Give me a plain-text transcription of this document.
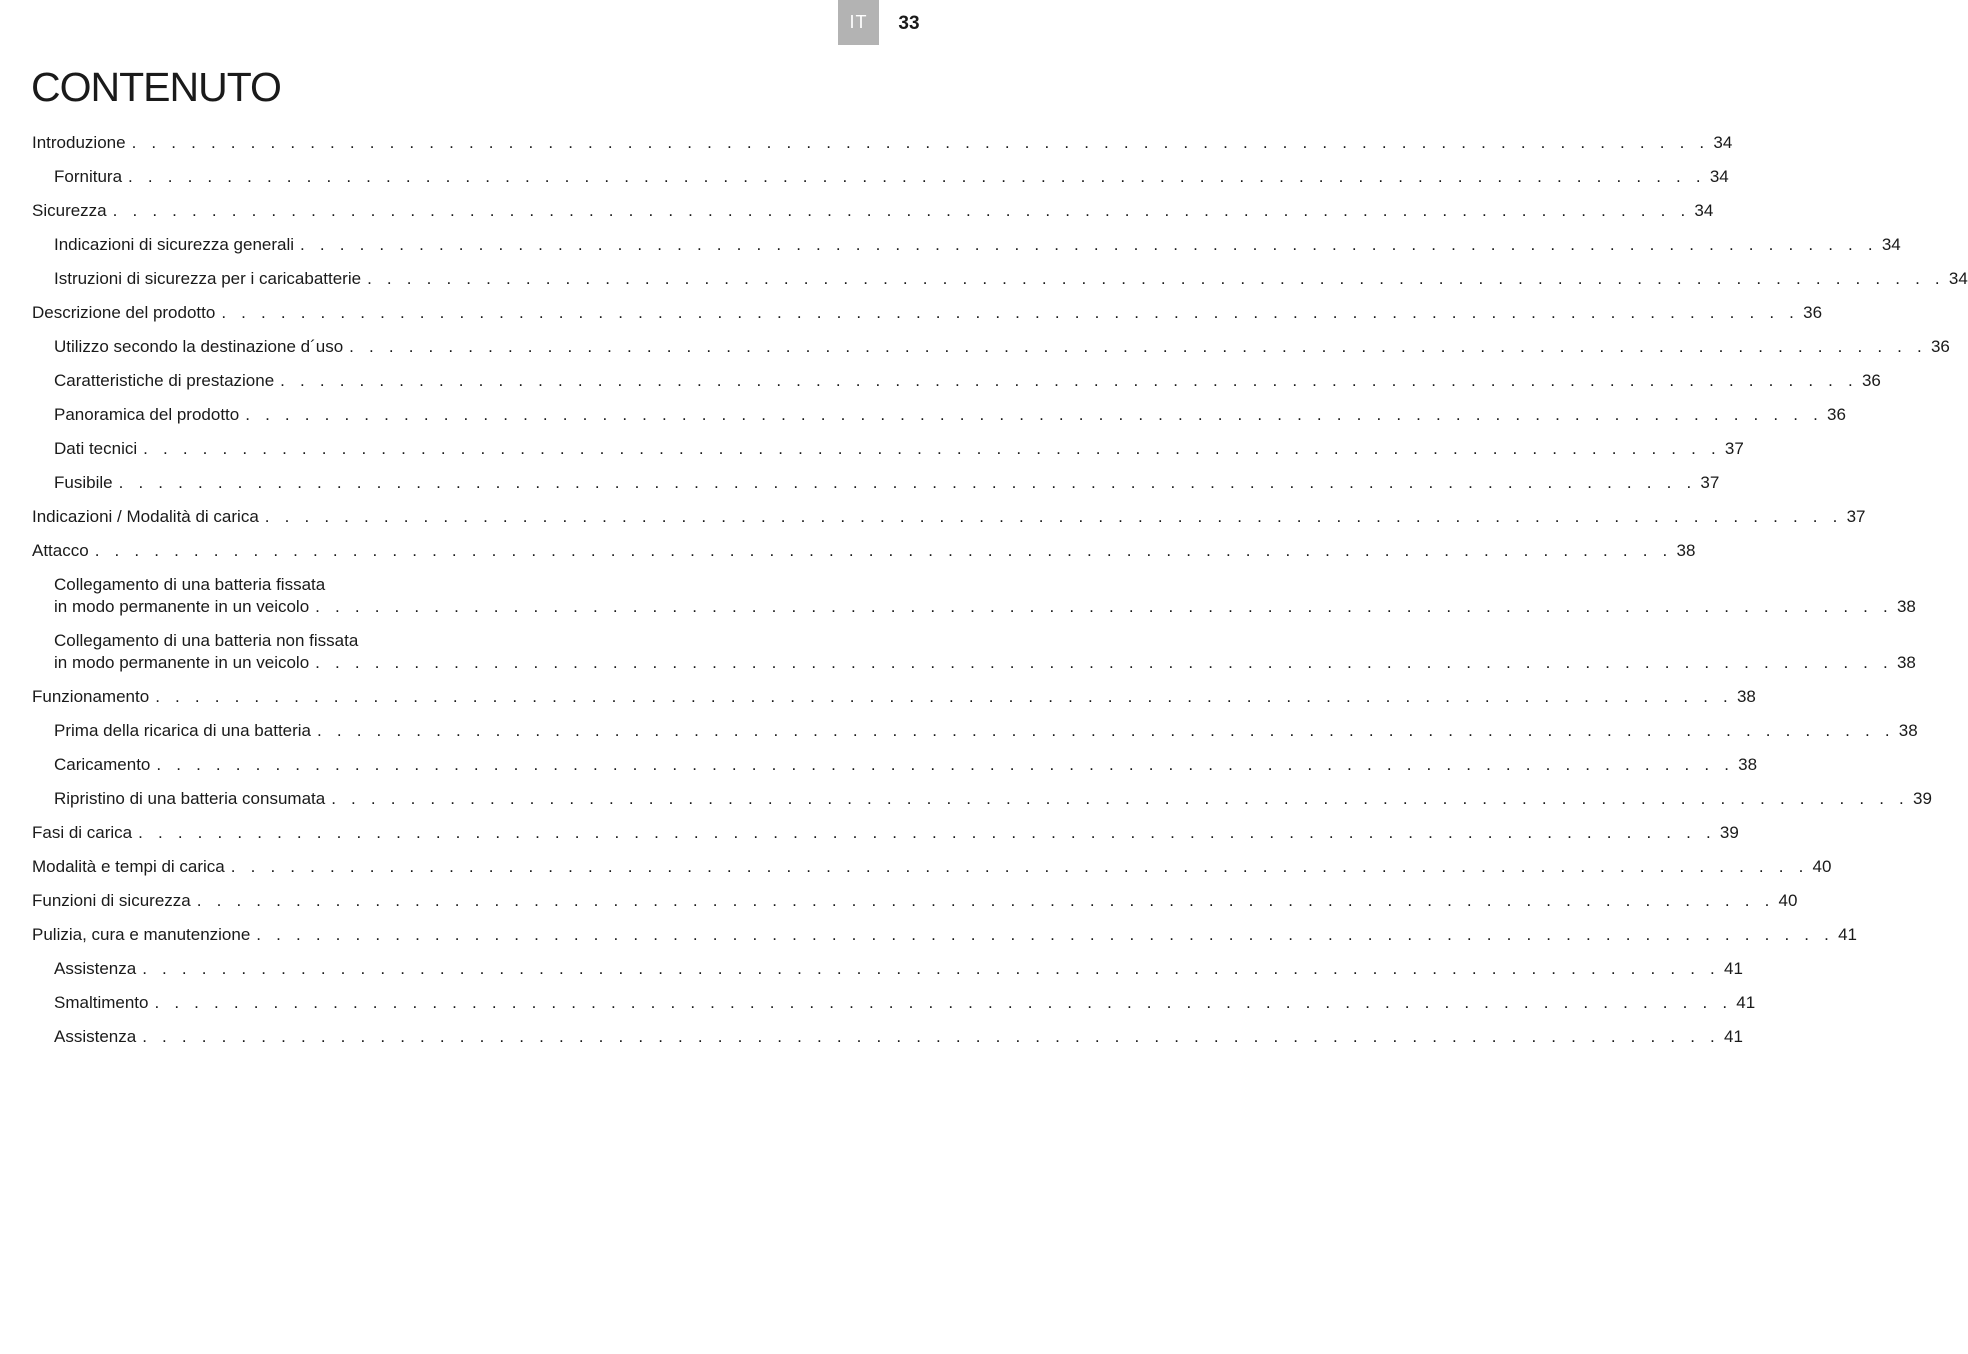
IT	33
CONTENUTO
Introduzione . . . . . . . . . . . . . . . . . . . . . . . . . . . . . . . . . . . . . . . . . . . . . . . . . . . . . . . . . . . . . . . . . . . . . . . . . . . . . . . . 34
Fornitura . . . . . . . . . . . . . . . . . . . . . . . . . . . . . . . . . . . . . . . . . . . . . . . . . . . . . . . . . . . . . . . . . . . . . . . . . . . . . . . . 34
Sicurezza . . . . . . . . . . . . . . . . . . . . . . . . . . . . . . . . . . . . . . . . . . . . . . . . . . . . . . . . . . . . . . . . . . . . . . . . . . . . . . . . 34
Indicazioni di sicurezza generali . . . . . . . . . . . . . . . . . . . . . . . . . . . . . . . . . . . . . . . . . . . . . . . . . . . . . . . . . . . . . . . . . . . . . . . . . . . . . . . . 34
Istruzioni di sicurezza per i caricabatterie . . . . . . . . . . . . . . . . . . . . . . . . . . . . . . . . . . . . . . . . . . . . . . . . . . . . . . . . . . . . . . . . . . . . . . . . . . . . . . . . 34
Descrizione del prodotto . . . . . . . . . . . . . . . . . . . . . . . . . . . . . . . . . . . . . . . . . . . . . . . . . . . . . . . . . . . . . . . . . . . . . . . . . . . . . . . . 36
Utilizzo secondo la destinazione d´uso . . . . . . . . . . . . . . . . . . . . . . . . . . . . . . . . . . . . . . . . . . . . . . . . . . . . . . . . . . . . . . . . . . . . . . . . . . . . . . . . 36
Caratteristiche di prestazione . . . . . . . . . . . . . . . . . . . . . . . . . . . . . . . . . . . . . . . . . . . . . . . . . . . . . . . . . . . . . . . . . . . . . . . . . . . . . . . . 36
Panoramica del prodotto . . . . . . . . . . . . . . . . . . . . . . . . . . . . . . . . . . . . . . . . . . . . . . . . . . . . . . . . . . . . . . . . . . . . . . . . . . . . . . . . 36
Dati tecnici . . . . . . . . . . . . . . . . . . . . . . . . . . . . . . . . . . . . . . . . . . . . . . . . . . . . . . . . . . . . . . . . . . . . . . . . . . . . . . . . 37
Fusibile . . . . . . . . . . . . . . . . . . . . . . . . . . . . . . . . . . . . . . . . . . . . . . . . . . . . . . . . . . . . . . . . . . . . . . . . . . . . . . . . 37
Indicazioni / Modalità di carica . . . . . . . . . . . . . . . . . . . . . . . . . . . . . . . . . . . . . . . . . . . . . . . . . . . . . . . . . . . . . . . . . . . . . . . . . . . . . . . . 37
Attacco . . . . . . . . . . . . . . . . . . . . . . . . . . . . . . . . . . . . . . . . . . . . . . . . . . . . . . . . . . . . . . . . . . . . . . . . . . . . . . . . 38
Collegamento di una batteria fissata
in modo permanente in un veicolo . . . . . . . . . . . . . . . . . . . . . . . . . . . . . . . . . . . . . . . . . . . . . . . . . . . . . . . . . . . . . . . . . . . . . . . . . . . . . . . . 38
Collegamento di una batteria non fissata
in modo permanente in un veicolo . . . . . . . . . . . . . . . . . . . . . . . . . . . . . . . . . . . . . . . . . . . . . . . . . . . . . . . . . . . . . . . . . . . . . . . . . . . . . . . . 38
Funzionamento . . . . . . . . . . . . . . . . . . . . . . . . . . . . . . . . . . . . . . . . . . . . . . . . . . . . . . . . . . . . . . . . . . . . . . . . . . . . . . . . 38
Prima della ricarica di una batteria . . . . . . . . . . . . . . . . . . . . . . . . . . . . . . . . . . . . . . . . . . . . . . . . . . . . . . . . . . . . . . . . . . . . . . . . . . . . . . . . 38
Caricamento . . . . . . . . . . . . . . . . . . . . . . . . . . . . . . . . . . . . . . . . . . . . . . . . . . . . . . . . . . . . . . . . . . . . . . . . . . . . . . . . 38
Ripristino di una batteria consumata . . . . . . . . . . . . . . . . . . . . . . . . . . . . . . . . . . . . . . . . . . . . . . . . . . . . . . . . . . . . . . . . . . . . . . . . . . . . . . . . 39
Fasi di carica . . . . . . . . . . . . . . . . . . . . . . . . . . . . . . . . . . . . . . . . . . . . . . . . . . . . . . . . . . . . . . . . . . . . . . . . . . . . . . . . 39
Modalità e tempi di carica . . . . . . . . . . . . . . . . . . . . . . . . . . . . . . . . . . . . . . . . . . . . . . . . . . . . . . . . . . . . . . . . . . . . . . . . . . . . . . . . 40
Funzioni di sicurezza . . . . . . . . . . . . . . . . . . . . . . . . . . . . . . . . . . . . . . . . . . . . . . . . . . . . . . . . . . . . . . . . . . . . . . . . . . . . . . . . 40
Pulizia, cura e manutenzione . . . . . . . . . . . . . . . . . . . . . . . . . . . . . . . . . . . . . . . . . . . . . . . . . . . . . . . . . . . . . . . . . . . . . . . . . . . . . . . . 41
Assistenza . . . . . . . . . . . . . . . . . . . . . . . . . . . . . . . . . . . . . . . . . . . . . . . . . . . . . . . . . . . . . . . . . . . . . . . . . . . . . . . . 41
Smaltimento . . . . . . . . . . . . . . . . . . . . . . . . . . . . . . . . . . . . . . . . . . . . . . . . . . . . . . . . . . . . . . . . . . . . . . . . . . . . . . . . 41
Assistenza . . . . . . . . . . . . . . . . . . . . . . . . . . . . . . . . . . . . . . . . . . . . . . . . . . . . . . . . . . . . . . . . . . . . . . . . . . . . . . . . 41
